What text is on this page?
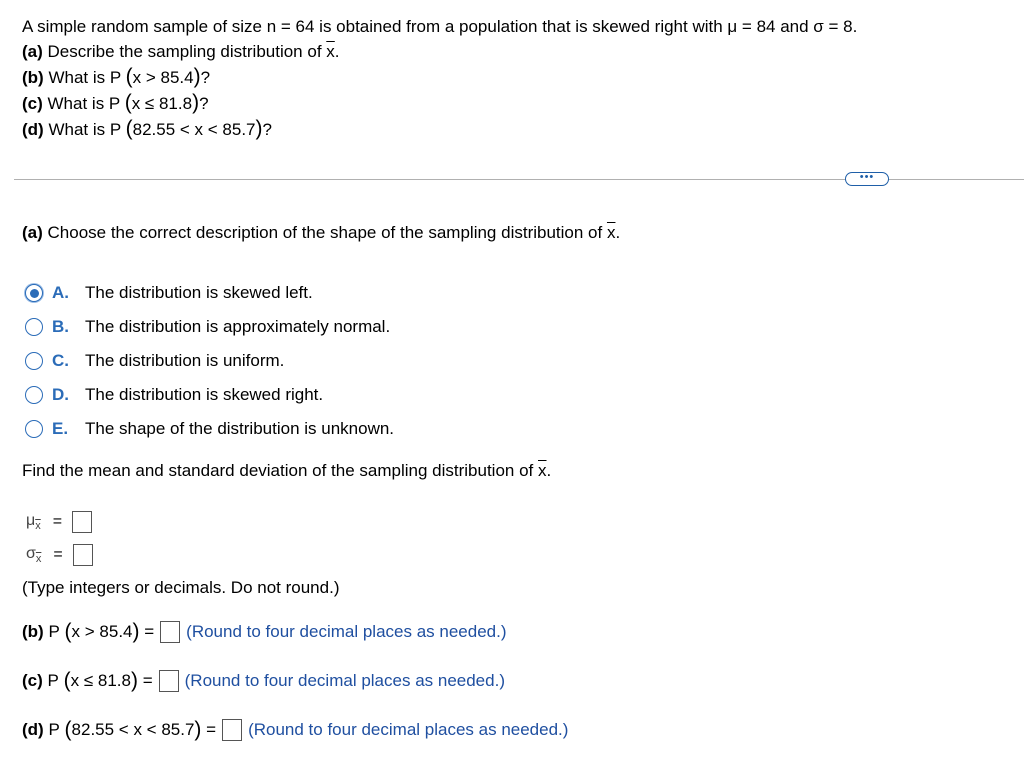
A simple random sample of size n = 64 is obtained from a population that is skewed right with μ = 84 and σ = 8.
(a) Describe the sampling distribution of $\overline{x}$.
(b) What is P (x > 85.4)?
(c) What is P (x ≤ 81.8)?
(d) What is P (82.55 < x < 85.7)?
•••
(a) Choose the correct description of the shape of the sampling distribution of $\overline{x}$.
A. The distribution is skewed left.
B. The distribution is approximately normal.
C. The distribution is uniform.
D. The distribution is skewed right.
E. The shape of the distribution is unknown.
Find the mean and standard deviation of the sampling distribution of $\overline{x}$.
$\mu_{\overline{x}}$ =
$\sigma_{\overline{x}}$ =
(Type integers or decimals. Do not round.)
(b)
P
( x > 85.4 ) = (Round to four decimal places as needed.)
(c)
P
( x ≤ 81.8 ) = (Round to four decimal places as needed.)
(d)
P
( 82.55 < x < 85.7 ) = (Round to four decimal places as needed.)
